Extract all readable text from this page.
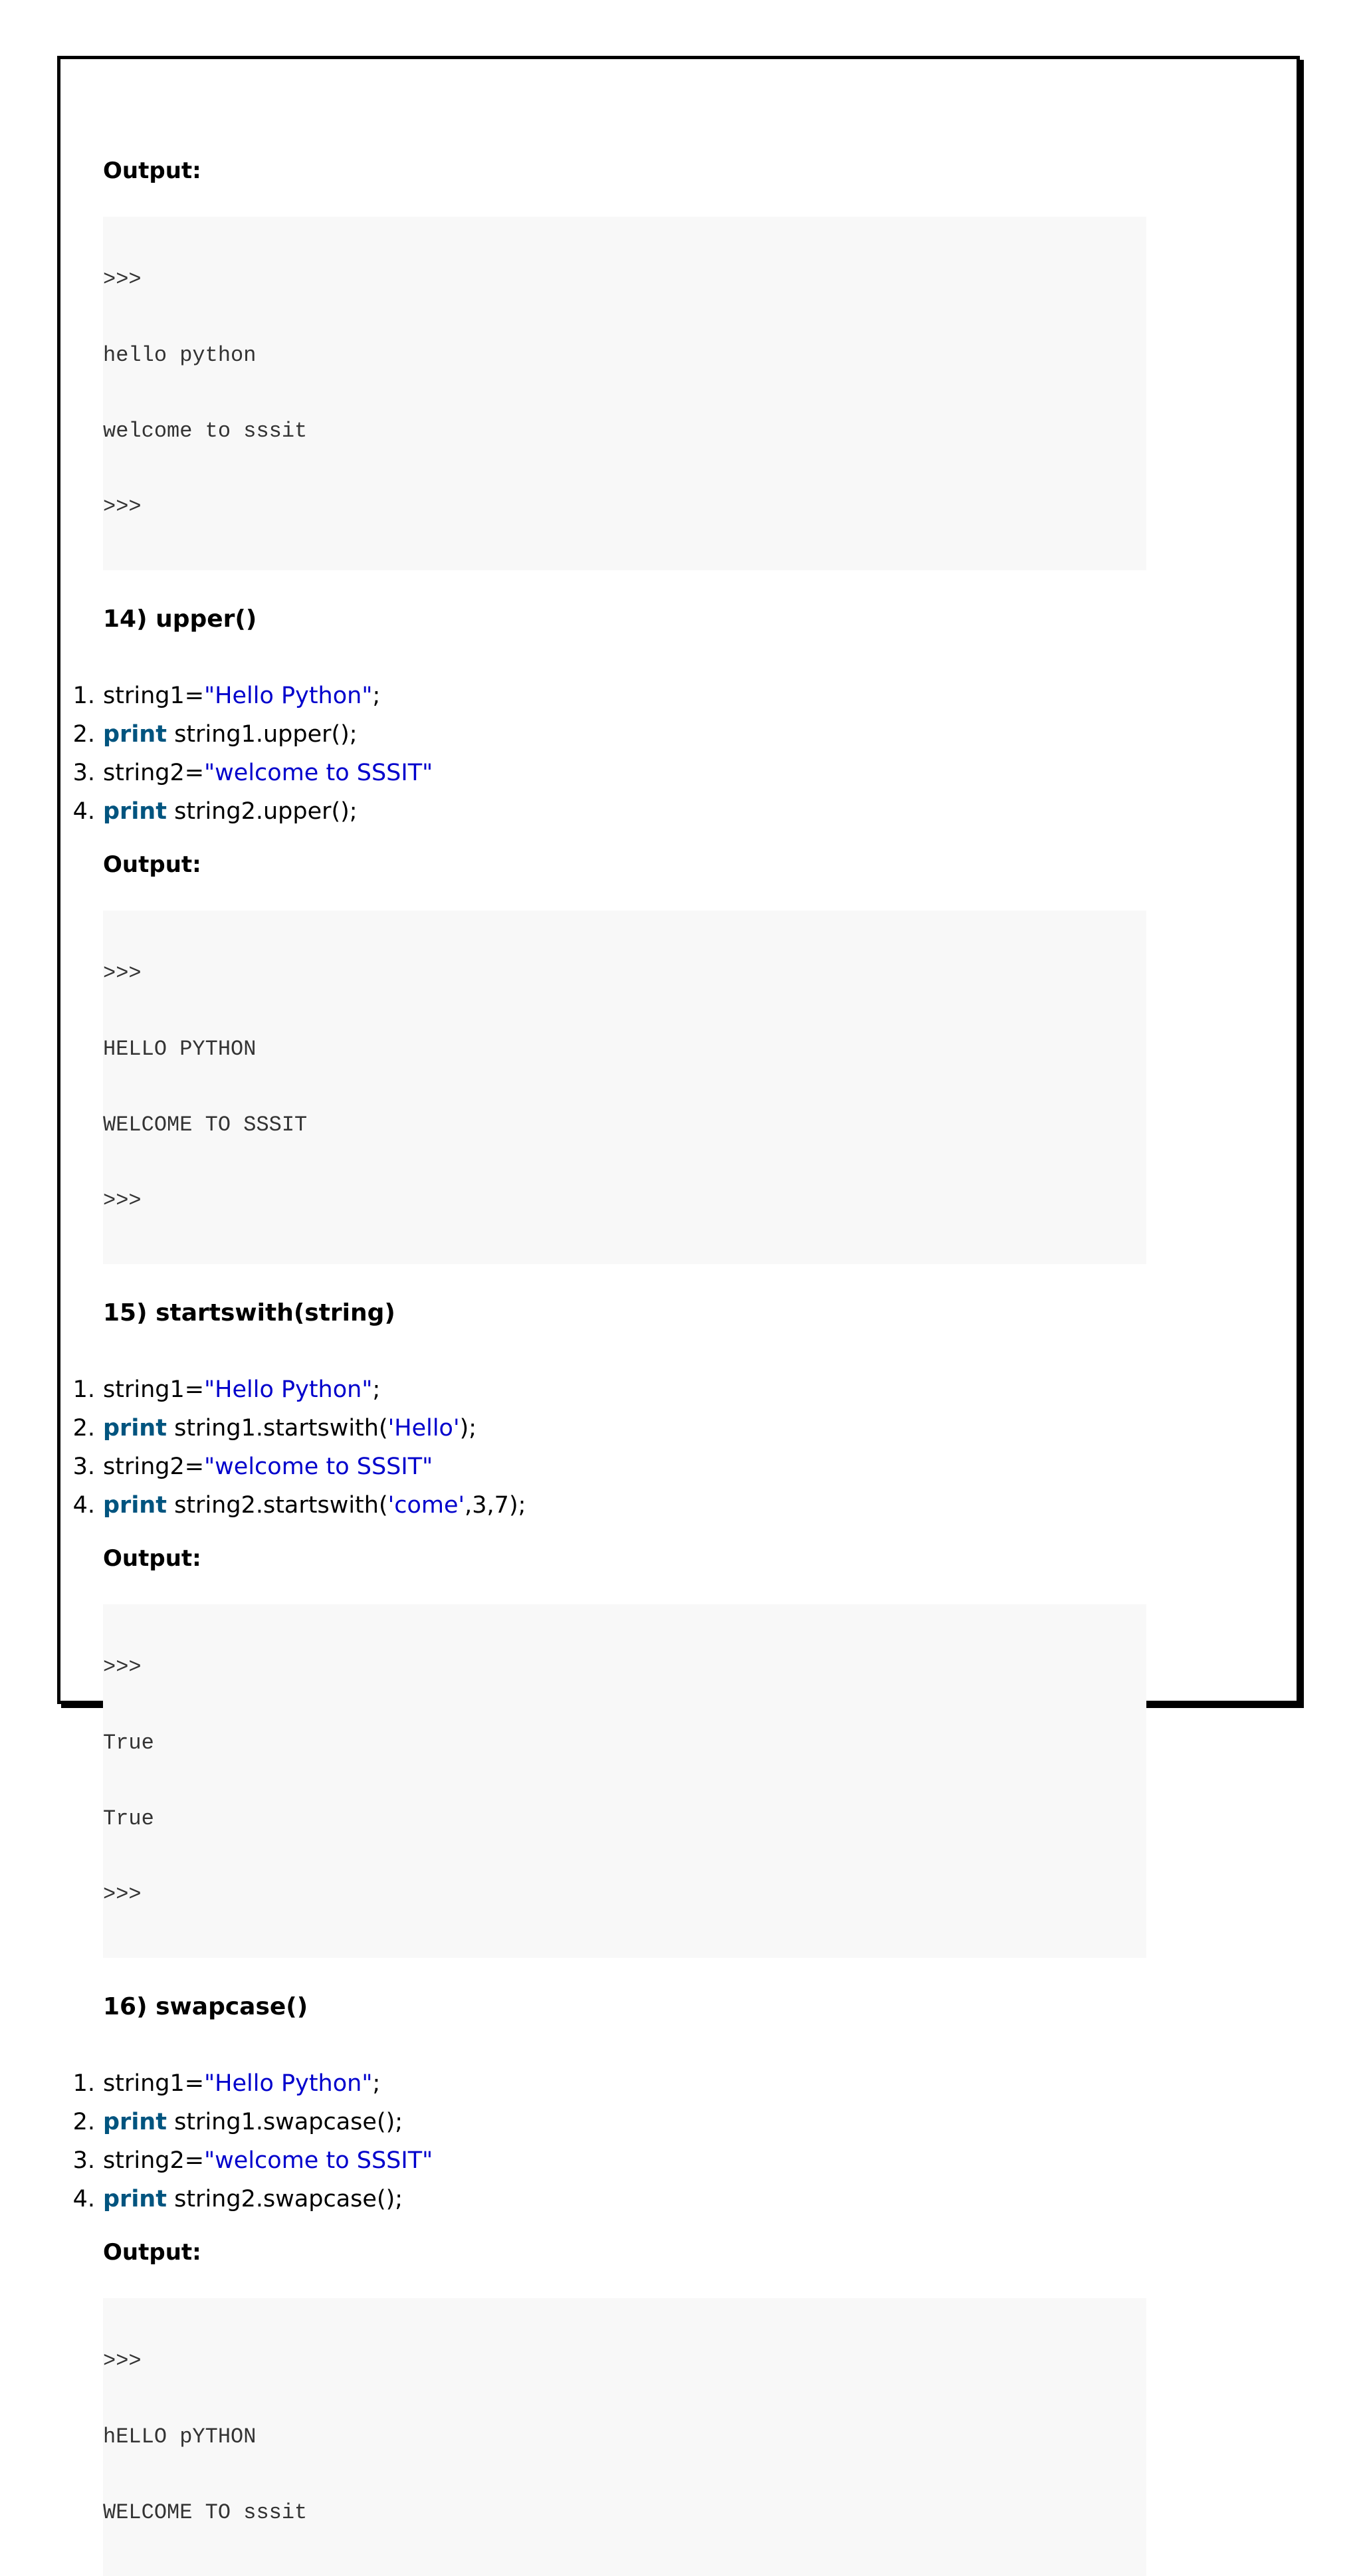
Output:

>>>

hello python

welcome to sssit

>>>

14) upper()
1. string1="Hello Python";
2. print string1.upper();
3. string2="welcome to SSSIT"
4. print string2.upper();
Output:

>>>

HELLO PYTHON

WELCOME TO SSSIT

>>>

15) startswith(string)
1. string1="Hello Python";
2. print string1.startswith('Hello');
3. string2="welcome to SSSIT"
4. print string2.startswith('come',3,7);
Output:

>>>

True

True

>>>

16) swapcase()
1. string1="Hello Python";
2. print string1.swapcase();
3. string2="welcome to SSSIT"
4. print string2.swapcase();
Output:

>>>

hELLO pYTHON

WELCOME TO sssit
